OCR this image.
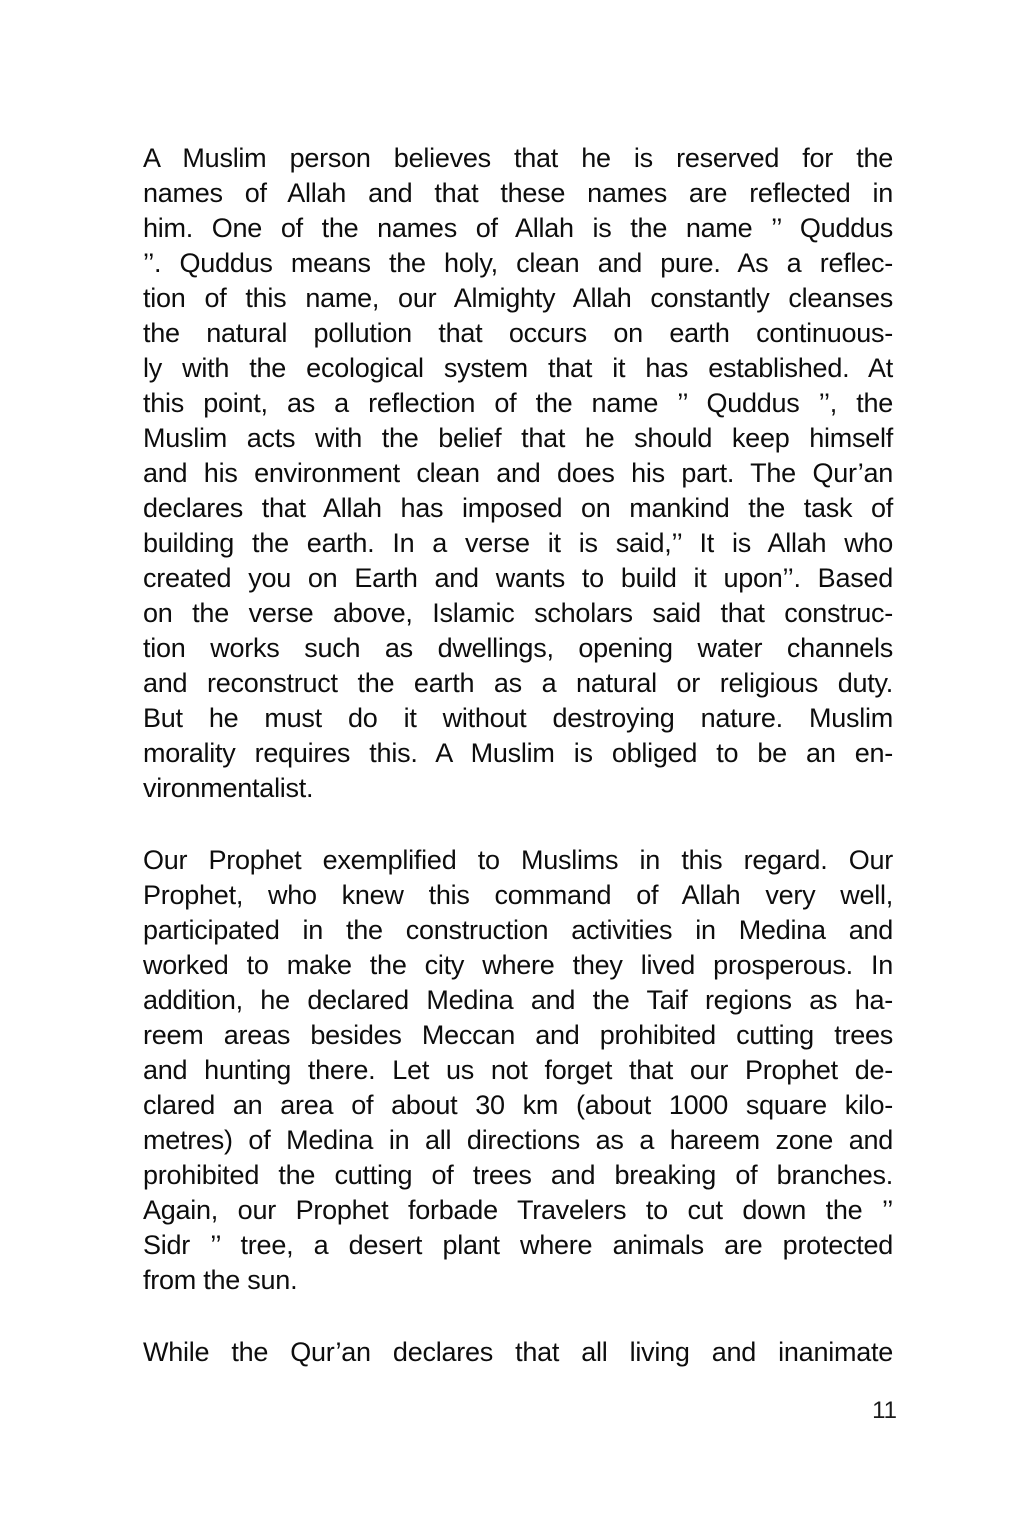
A Muslim person believes that he is reserved for the
names of Allah and that these names are reflected in
him. One of the names of Allah is the name ’’ Quddus
’’. Quddus means the holy, clean and pure. As a reflec-
tion of this name, our Almighty Allah constantly cleanses
the natural pollution that occurs on earth continuous-
ly with the ecological system that it has established. At
this point, as a reflection of the name ’’ Quddus ’’, the
Muslim acts with the belief that he should keep himself
and his environment clean and does his part. The Qur’an
declares that Allah has imposed on mankind the task of
building the earth. In a verse it is said,’’ It is Allah who
created you on Earth and wants to build it upon’’. Based
on the verse above, Islamic scholars said that construc-
tion works such as dwellings, opening water channels
and reconstruct the earth as a natural or religious duty.
But he must do it without destroying nature. Muslim
morality requires this. A Muslim is obliged to be an en-
vironmentalist.
Our Prophet exemplified to Muslims in this regard. Our
Prophet, who knew this command of Allah very well,
participated in the construction activities in Medina and
worked to make the city where they lived prosperous. In
addition, he declared Medina and the Taif regions as ha-
reem areas besides Meccan and prohibited cutting trees
and hunting there. Let us not forget that our Prophet de-
clared an area of about 30 km (about 1000 square kilo-
metres) of Medina in all directions as a hareem zone and
prohibited the cutting of trees and breaking of branches.
Again, our Prophet forbade Travelers to cut down the ’’
Sidr ’’ tree, a desert plant where animals are protected
from the sun.
While the Qur’an declares that all living and inanimate
11
